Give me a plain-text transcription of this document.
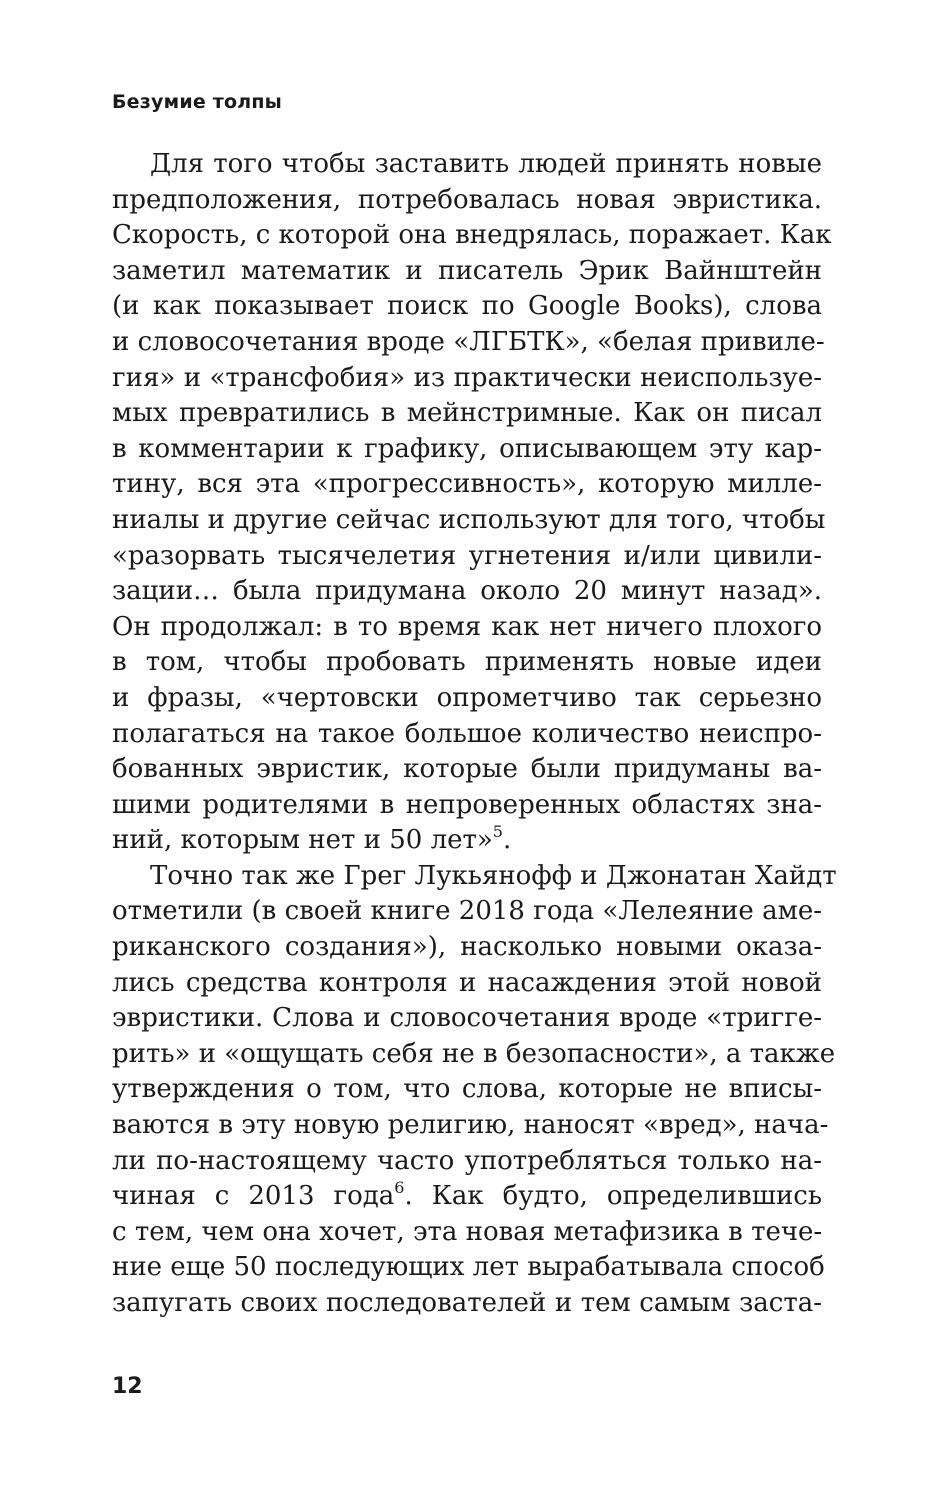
Безумие толпы
Для того чтобы заставить людей принять новые
предположения, потребовалась новая эвристика.
Скорость, с которой она внедрялась, поражает. Как
заметил математик и писатель Эрик Вайнштейн
(и как показывает поиск по Google Books), слова
и словосочетания вроде «ЛГБТК», «белая привиле-
гия» и «трансфобия» из практически неиспользуе-
мых превратились в мейнстримные. Как он писал
в комментарии к графику, описывающем эту кар-
тину, вся эта «прогрессивность», которую милле-
ниалы и другие сейчас используют для того, чтобы
«разорвать тысячелетия угнетения и/или цивили-
зации… была придумана около 20 минут назад».
Он продолжал: в то время как нет ничего плохого
в том, чтобы пробовать применять новые идеи
и фразы, «чертовски опрометчиво так серьезно
полагаться на такое большое количество неиспро-
бованных эвристик, которые были придуманы ва-
шими родителями в непроверенных областях зна-
ний, которым нет и 50 лет»$^5$.
Точно так же Грег Лукьянофф и Джонатан Хайдт
отметили (в своей книге 2018 года «Лелеяние аме-
риканского создания»), насколько новыми оказа-
лись средства контроля и насаждения этой новой
эвристики. Слова и словосочетания вроде «тригге-
рить» и «ощущать себя не в безопасности», а также
утверждения о том, что слова, которые не вписы-
ваются в эту новую религию, наносят «вред», нача-
ли по-настоящему часто употребляться только на-
чиная с 2013 года$^6$. Как будто, определившись
с тем, чем она хочет, эта новая метафизика в тече-
ние еще 50 последующих лет вырабатывала способ
запугать своих последователей и тем самым заста-
12
